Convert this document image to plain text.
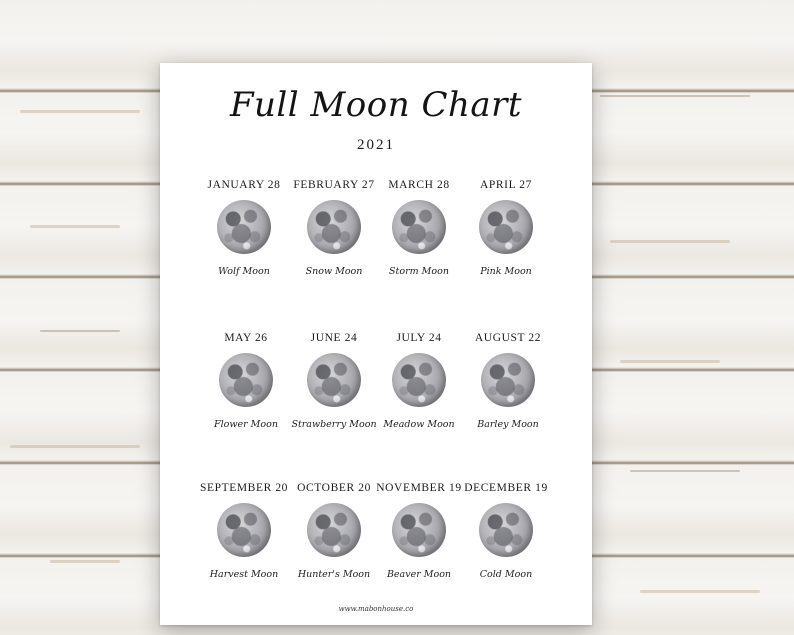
Full Moon Chart
2021
JANUARY 28
Wolf Moon
FEBRUARY 27
Snow Moon
MARCH 28
Storm Moon
APRIL 27
Pink Moon
MAY 26
Flower Moon
JUNE 24
Strawberry Moon
JULY 24
Meadow Moon
AUGUST 22
Barley Moon
SEPTEMBER 20
Harvest Moon
OCTOBER 20
Hunter's Moon
NOVEMBER 19
Beaver Moon
DECEMBER 19
Cold Moon
www.mabonhouse.co
